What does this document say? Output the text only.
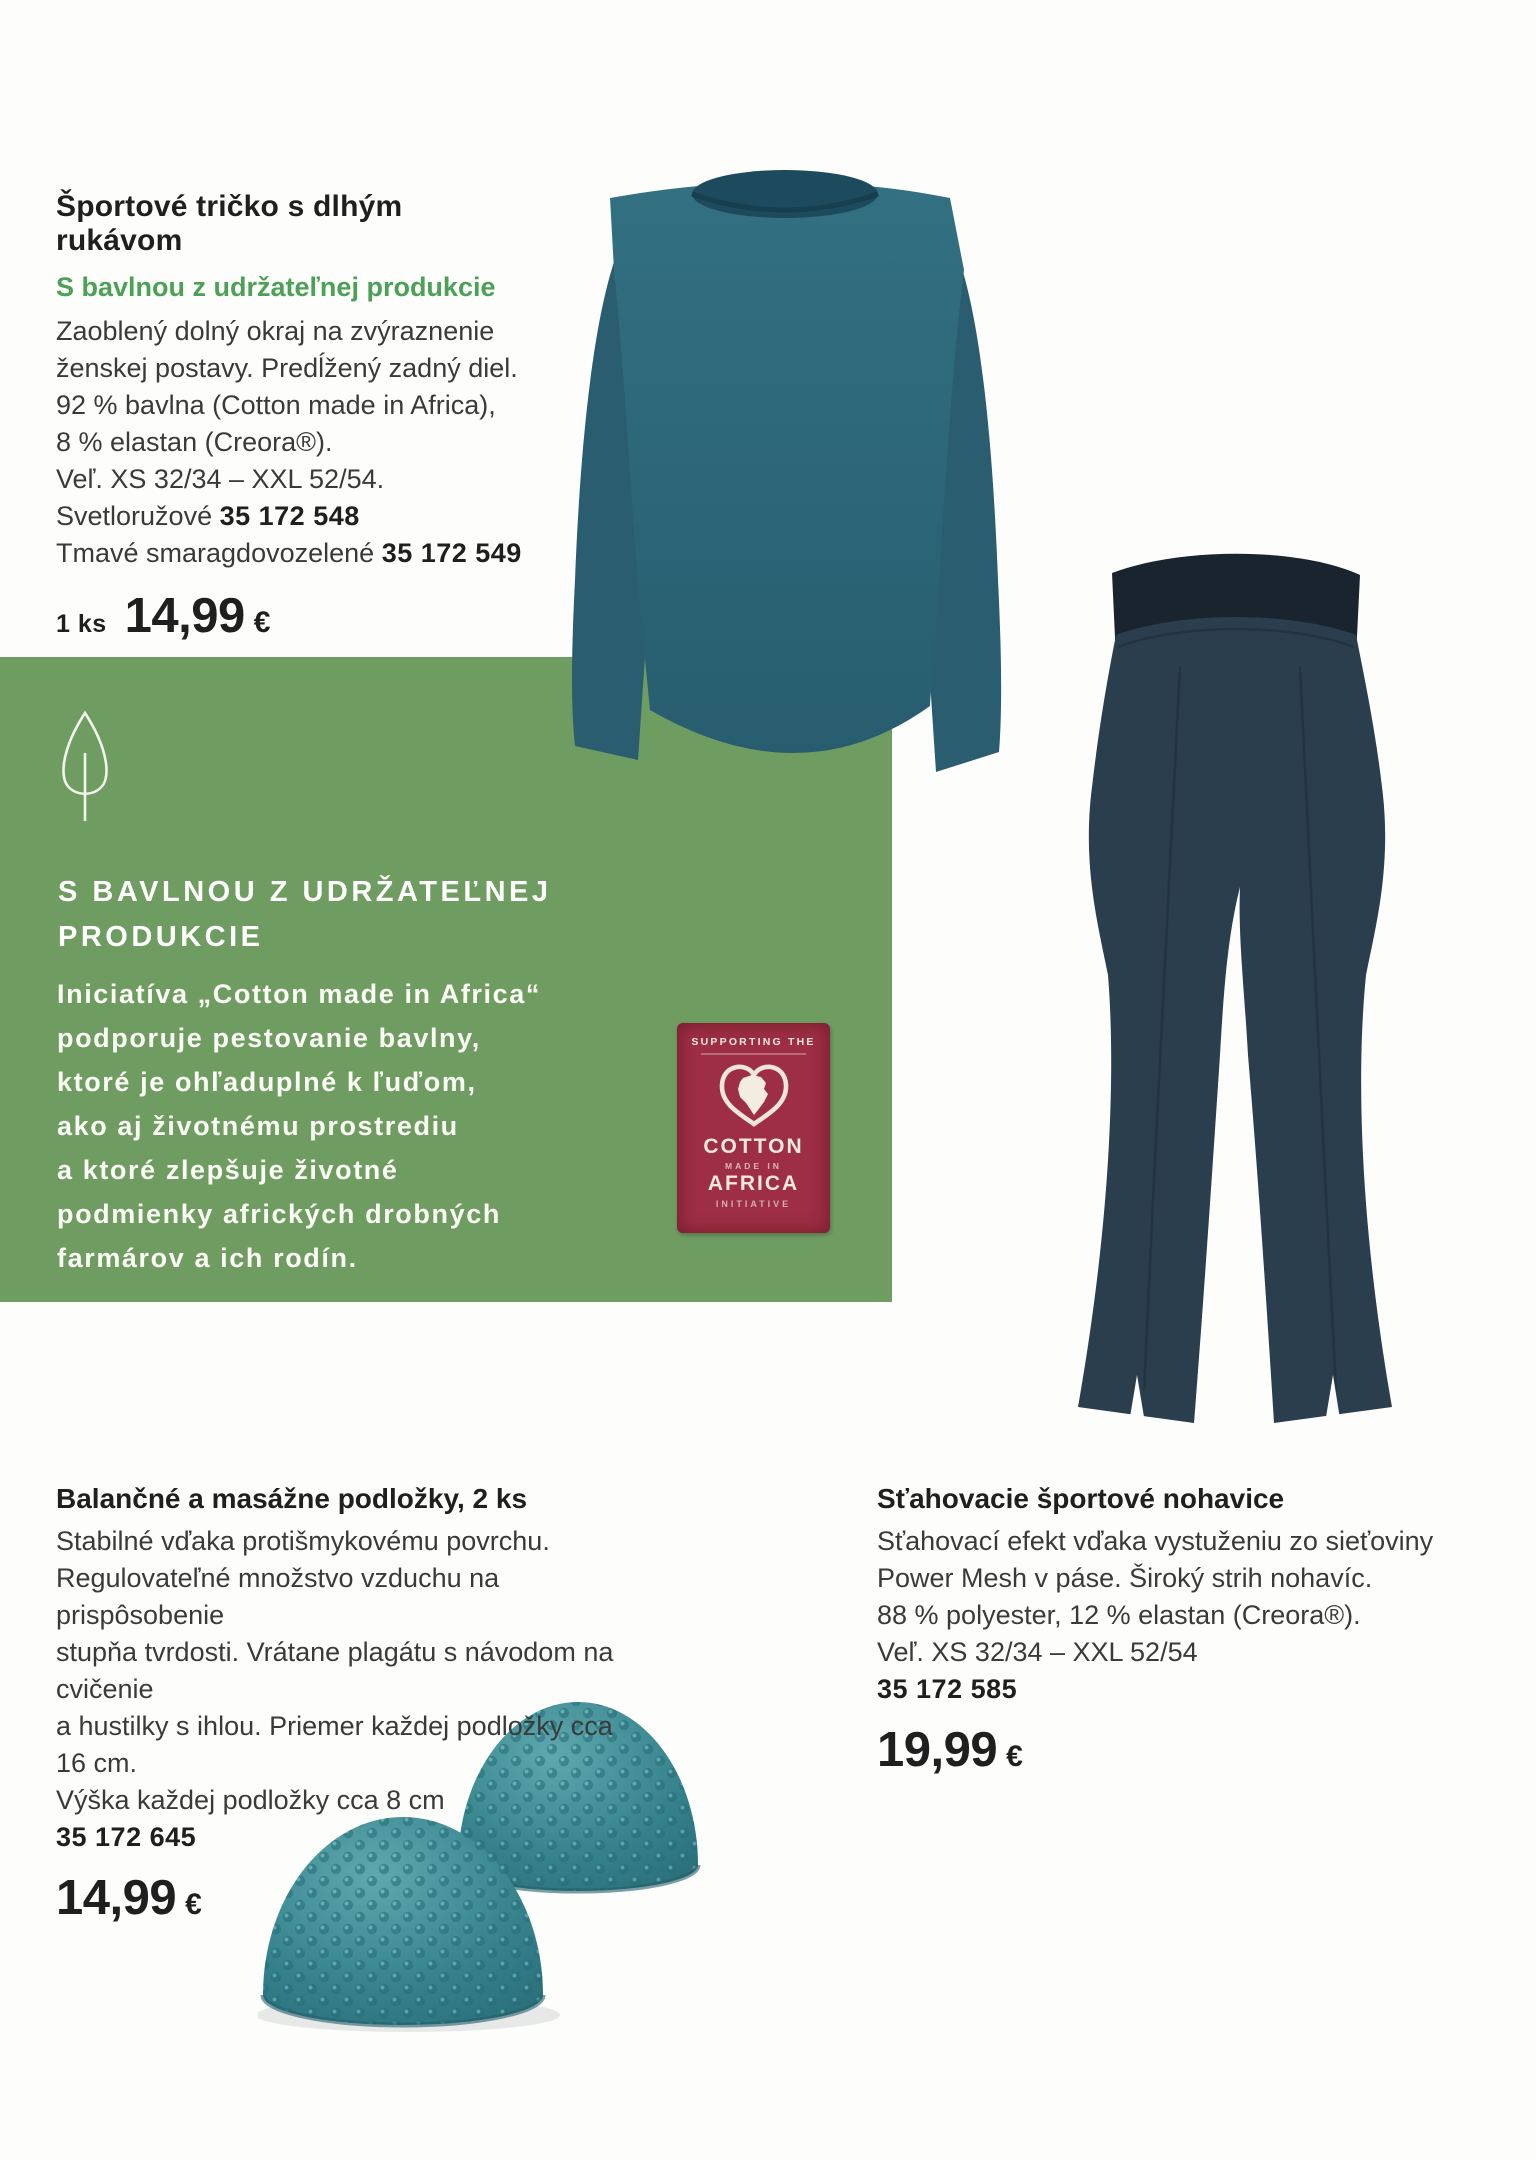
Športové tričko s dlhým rukávom
S bavlnou z udržateľnej produkcie
Zaoblený dolný okraj na zvýraznenie
ženskej postavy. Predĺžený zadný diel.
92 % bavlna (Cotton made in Africa),
8 % elastan (Creora®).
Veľ. XS 32/34 – XXL 52/54.
Svetloružové 35 172 548
Tmavé smaragdovozelené 35 172 549
1 ks 14,99 €
S BAVLNOU Z UDRŽATEĽNEJ
PRODUKCIE
Iniciatíva „Cotton made in Africa“
podporuje pestovanie bavlny,
ktoré je ohľaduplné k ľuďom,
ako aj životnému prostrediu
a ktoré zlepšuje životné
podmienky afrických drobných
farmárov a ich rodín.
SUPPORTING THE
COTTON
MADE IN
AFRICA
INITIATIVE
Balančné a masážne podložky, 2 ks
Stabilné vďaka protišmykovému povrchu.
Regulovateľné množstvo vzduchu na prispôsobenie
stupňa tvrdosti. Vrátane plagátu s návodom na cvičenie
a hustilky s ihlou. Priemer každej podložky cca 16 cm.
Výška každej podložky cca 8 cm
35 172 645
14,99 €
Sťahovacie športové nohavice
Sťahovací efekt vďaka vystuženiu zo sieťoviny
Power Mesh v páse. Široký strih nohavíc.
88 % polyester, 12 % elastan (Creora®).
Veľ. XS 32/34 – XXL 52/54
35 172 585
19,99 €
